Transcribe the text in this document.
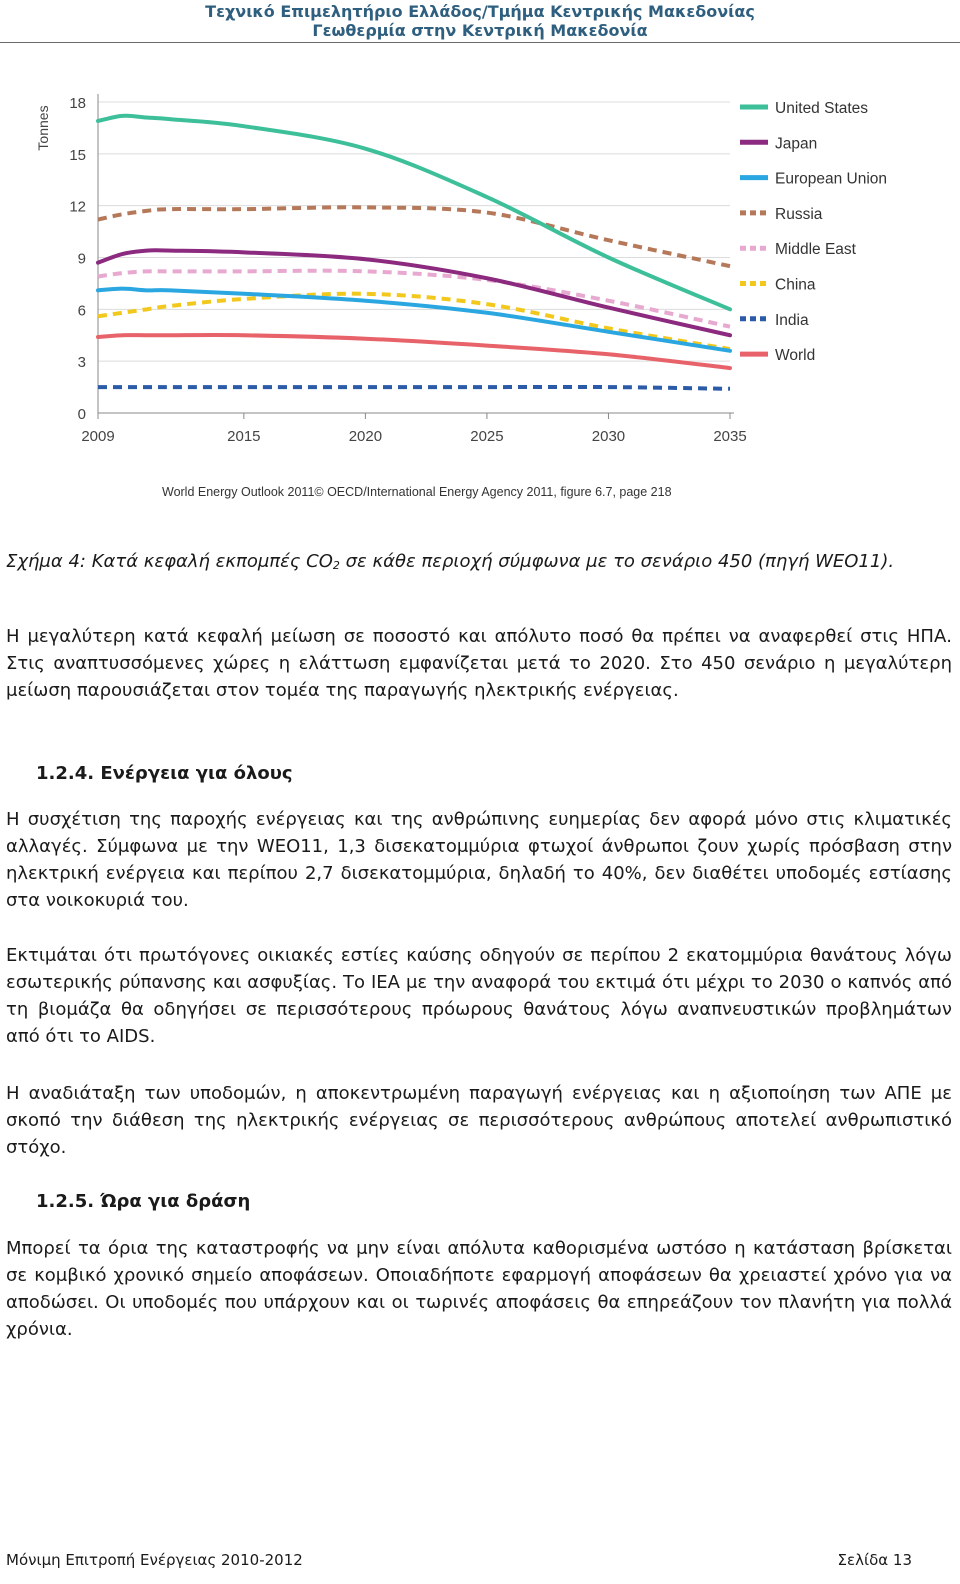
Τεχνικό Επιμελητήριο Ελλάδος/Τμήμα Κεντρικής Μακεδονίας
Γεωθερμία στην Κεντρική Μακεδονία
0
3
6
9
12
15
18
2009	2015	2020	2025	2030	2035
United States
Japan
European Union
Russia
Middle East
China
India
World
Tonnes
World Energy Outlook 2011© OECD/International Energy Agency 2011, figure 6.7, page 218
Σχήμα 4: Κατά κεφαλή εκπομπές $CO_2$ σε κάθε περιοχή σύμφωνα με το σενάριο 450 (πηγή WEO11).
Η μεγαλύτερη κατά κεφαλή μείωση σε ποσοστό και απόλυτο ποσό θα πρέπει να αναφερθεί στις ΗΠΑ. Στις αναπτυσσόμενες χώρες η ελάττωση εμφανίζεται μετά το 2020. Στο 450 σενάριο η μεγαλύτερη μείωση παρουσιάζεται στον τομέα της παραγωγής ηλεκτρικής ενέργειας.
1.2.4. Ενέργεια για όλους
Η συσχέτιση της παροχής ενέργειας και της ανθρώπινης ευημερίας δεν αφορά μόνο στις κλιματικές αλλαγές. Σύμφωνα με την WEO11, 1,3 δισεκατομμύρια φτωχοί άνθρωποι ζουν χωρίς πρόσβαση στην ηλεκτρική ενέργεια και περίπου 2,7 δισεκατομμύρια, δηλαδή το 40%, δεν διαθέτει υποδομές εστίασης στα νοικοκυριά του.
Εκτιμάται ότι πρωτόγονες οικιακές εστίες καύσης οδηγούν σε περίπου 2 εκατομμύρια θανάτους λόγω εσωτερικής ρύπανσης και ασφυξίας. Το IEA με την αναφορά του εκτιμά ότι μέχρι το 2030 ο καπνός από τη βιομάζα θα οδηγήσει σε περισσότερους πρόωρους θανάτους λόγω αναπνευστικών προβλημάτων από ότι το AIDS.
Η αναδιάταξη των υποδομών, η αποκεντρωμένη παραγωγή ενέργειας και η αξιοποίηση των ΑΠΕ με σκοπό την διάθεση της ηλεκτρικής ενέργειας σε περισσότερους ανθρώπους αποτελεί ανθρωπιστικό στόχο.
1.2.5. Ώρα για δράση
Μπορεί τα όρια της καταστροφής να μην είναι απόλυτα καθορισμένα ωστόσο η κατάσταση βρίσκεται σε κομβικό χρονικό σημείο αποφάσεων. Οποιαδήποτε εφαρμογή αποφάσεων θα χρειαστεί χρόνο για να αποδώσει. Οι υποδομές που υπάρχουν και οι τωρινές αποφάσεις θα επηρεάζουν τον πλανήτη για πολλά χρόνια.
Μόνιμη Επιτροπή Ενέργειας 2010-2012	Σελίδα 13
